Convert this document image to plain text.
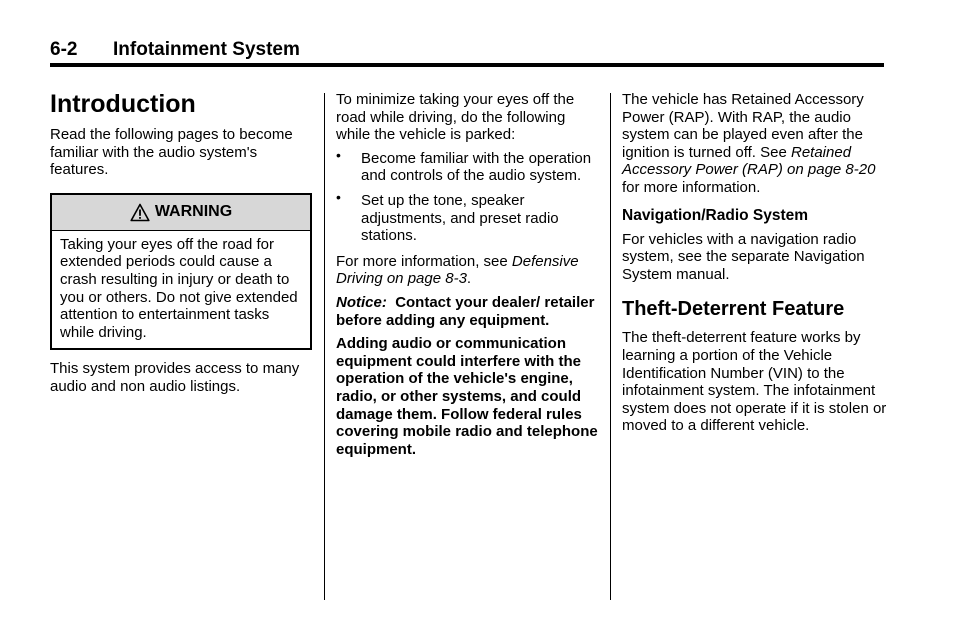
6-2 Infotainment System
Introduction

Read the following pages to become familiar with the audio system's features.

WARNING
Taking your eyes off the road for extended periods could cause a crash resulting in injury or death to you or others. Do not give extended attention to entertainment tasks while driving.

This system provides access to many audio and non audio listings.

To minimize taking your eyes off the road while driving, do the following while the vehicle is parked:

• Become familiar with the operation and controls of the audio system.
• Set up the tone, speaker adjustments, and preset radio stations.

For more information, see Defensive Driving on page 8-3.

Notice: Contact your dealer/ retailer before adding any equipment.

Adding audio or communication equipment could interfere with the operation of the vehicle's engine, radio, or other systems, and could damage them. Follow federal rules covering mobile radio and telephone equipment.

The vehicle has Retained Accessory Power (RAP). With RAP, the audio system can be played even after the ignition is turned off. See Retained Accessory Power (RAP) on page 8-20 for more information.

Navigation/Radio System

For vehicles with a navigation radio system, see the separate Navigation System manual.

Theft-Deterrent Feature

The theft-deterrent feature works by learning a portion of the Vehicle Identification Number (VIN) to the infotainment system. The infotainment system does not operate if it is stolen or moved to a different vehicle.
